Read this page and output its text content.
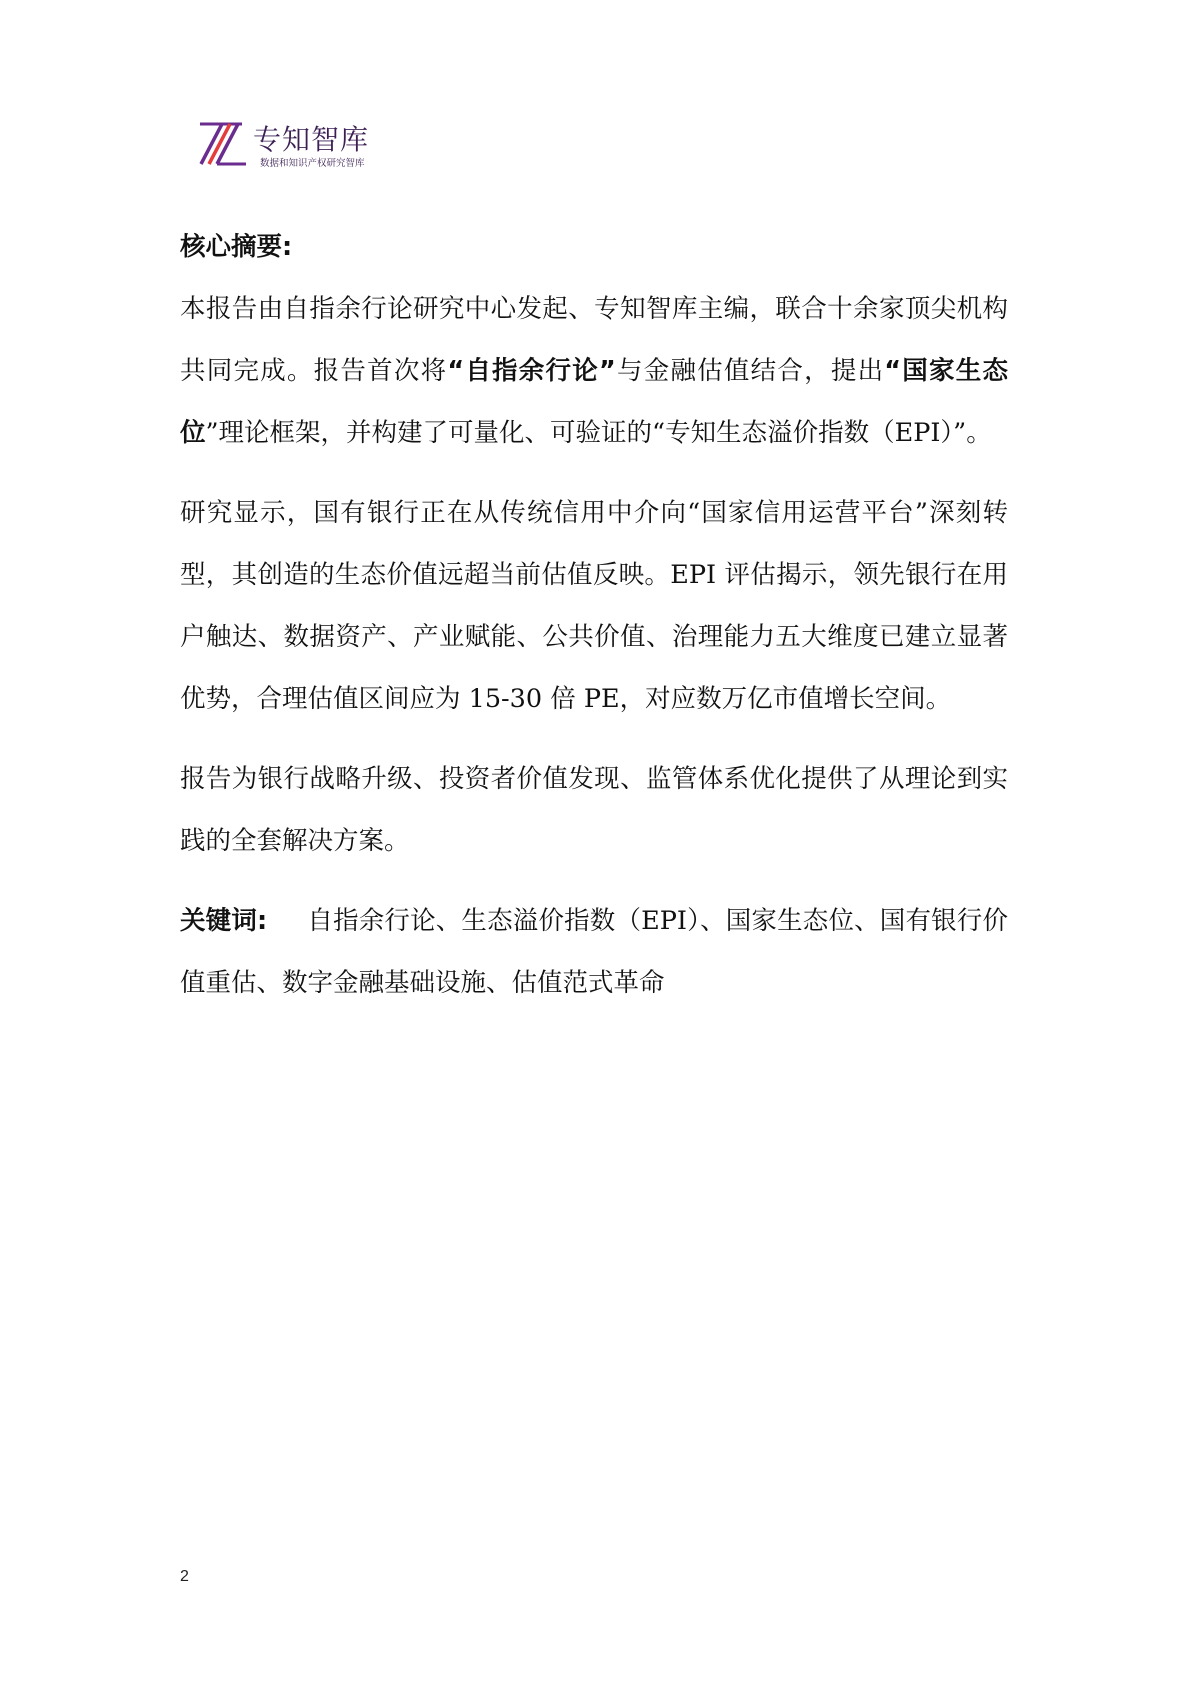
专知智库
数据和知识产权研究智库

核心摘要:

本报告由自指余行论研究中心发起、专知智库主编，联合十余家顶尖机构共同完成。报告首次将“自指余行论”与金融估值结合，提出“国家生态位”理论框架，并构建了可量化、可验证的“专知生态溢价指数（EPI）”。

研究显示，国有银行正在从传统信用中介向“国家信用运营平台”深刻转型，其创造的生态价值远超当前估值反映。EPI 评估揭示，领先银行在用户触达、数据资产、产业赋能、公共价值、治理能力五大维度已建立显著优势，合理估值区间应为 15-30 倍 PE，对应数万亿市值增长空间。

报告为银行战略升级、投资者价值发现、监管体系优化提供了从理论到实践的全套解决方案。

关键词: 自指余行论、生态溢价指数（EPI）、国家生态位、国有银行价值重估、数字金融基础设施、估值范式革命

2
